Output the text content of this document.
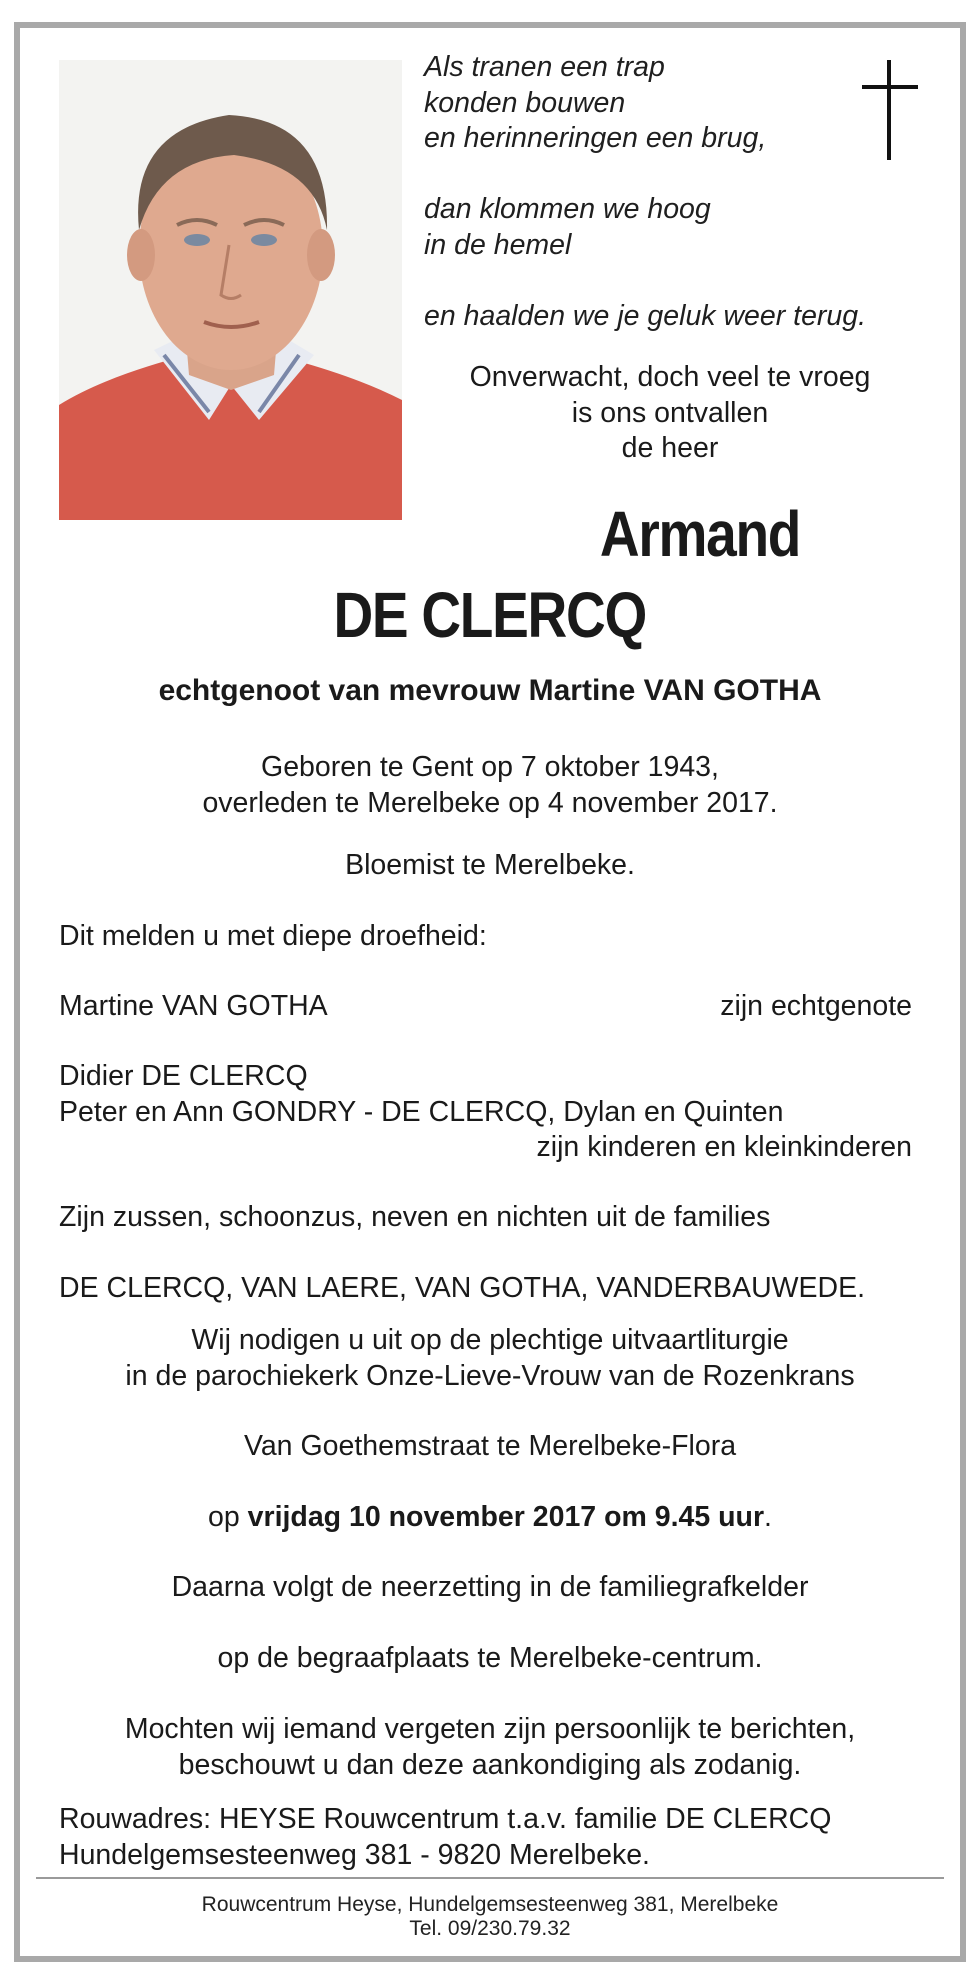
Als tranen een trap
konden bouwen
en herinneringen een brug,
dan klommen we hoog
in de hemel
en haalden we je geluk weer terug.
Onverwacht, doch veel te vroeg
is ons ontvallen
de heer
Armand
DE CLERCQ
echtgenoot van mevrouw Martine VAN GOTHA
Geboren te Gent op 7 oktober 1943,
overleden te Merelbeke op 4 november 2017.
Bloemist te Merelbeke.
Dit melden u met diepe droefheid:
Martine VAN GOTHA	zijn echtgenote
Didier DE CLERCQ
Peter en Ann GONDRY - DE CLERCQ, Dylan en Quinten
zijn kinderen en kleinkinderen
Zijn zussen, schoonzus, neven en nichten uit de families
DE CLERCQ, VAN LAERE, VAN GOTHA, VANDERBAUWEDE.
Wij nodigen u uit op de plechtige uitvaartliturgie
in de parochiekerk Onze-Lieve-Vrouw van de Rozenkrans
Van Goethemstraat te Merelbeke-Flora
op vrijdag 10 november 2017 om 9.45 uur.
Daarna volgt de neerzetting in de familiegrafkelder
op de begraafplaats te Merelbeke-centrum.
Mochten wij iemand vergeten zijn persoonlijk te berichten,
beschouwt u dan deze aankondiging als zodanig.
Rouwadres: HEYSE Rouwcentrum t.a.v. familie DE CLERCQ
Hundelgemsesteenweg 381 - 9820 Merelbeke.
Rouwcentrum Heyse, Hundelgemsesteenweg 381, Merelbeke
Tel. 09/230.79.32
